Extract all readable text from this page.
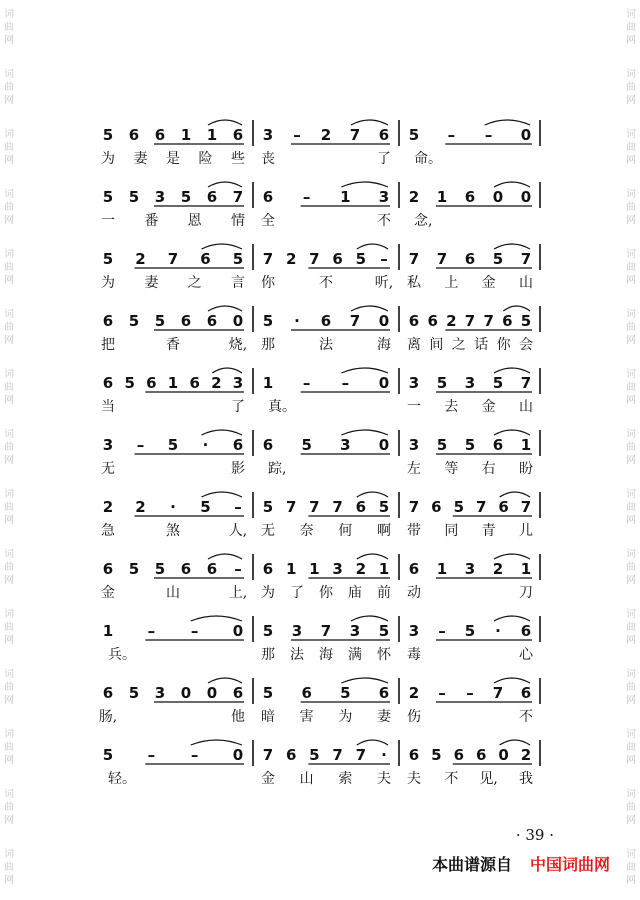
5 6 6 1 1 6
为 妻 是 险 些
3 – 2 7 6
丧	了
5 – – 0
命。
5 5 3 5 6 7
一 番 恩 情
6 – 1 3
全	不
2 1 6 0 0
念,
5 2 7 6 5
为 妻 之 言
7 2 7 6 5 –
你	不	听,
7 7 6 5 7
私 上 金 山
6 5 5 6 6 0
把	香	烧,
5 · 6 7 0
那	法	海
6 6 2 7 7 6 5
离 间 之 话 你 会
6 5 6 1 6 2 3
当	了
1 – – 0
真。
3 5 3 5 7
一 去 金 山
3 – 5 · 6
无	影
6 5 3 0
踪,
3 5 5 6 1
左 等 右 盼
2 2 · 5 –
急	煞	人,
5 7 7 7 6 5
无 奈 何 啊
7 6 5 7 6 7
带 同 青 儿
6 5 5 6 6 –
金	山	上,
6 1 1 3 2 1
为 了 你 庙 前
6 1 3 2 1
动	刀
1 – – 0
兵。
5 3 7 3 5
那 法 海 满 怀
3 – 5 · 6
毒	心
6 5 3 0 0 6
肠,	他
5 6 5 6
暗 害 为 妻
2 – – 7 6
伤	不
5 – – 0
轻。
7 6 5 7 7 ·
金 山 索 夫
6 5 6 6 0 2
夫 不 见, 我
· 39 ·
本曲谱源自 中国词曲网
词
曲
网
词
曲
网
词
曲
网
词
曲
网
词
曲
网
词
曲
网
词
曲
网
词
曲
网
词
曲
网
词
曲
网
词
曲
网
词
曲
网
词
曲
网
词
曲
网
词
曲
网
词
曲
网
词
曲
网
词
曲
网
词
曲
网
词
曲
网
词
曲
网
词
曲
网
词
曲
网
词
曲
网
词
曲
网
词
曲
网
词
曲
网
词
曲
网
词
曲
网
词
曲
网
